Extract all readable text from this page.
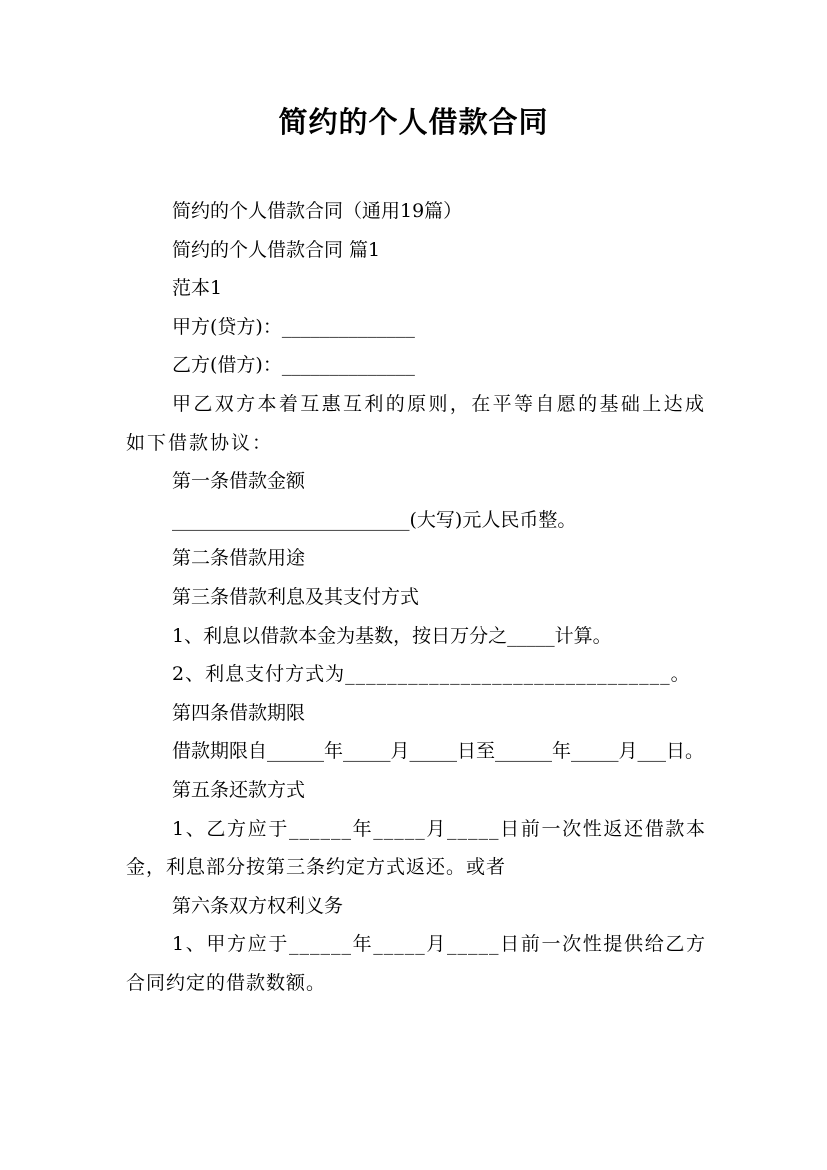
简约的个人借款合同

简约的个人借款合同（通用19篇）

简约的个人借款合同 篇1

范本1

甲方(贷方)：______________

乙方(借方)：______________

甲乙双方本着互惠互利的原则，在平等自愿的基础上达成如下借款协议：

第一条借款金额

_________________________(大写)元人民币整。

第二条借款用途

第三条借款利息及其支付方式

1、利息以借款本金为基数，按日万分之_____计算。

2、利息支付方式为_______________________________。

第四条借款期限

借款期限自______年_____月_____日至______年_____月___日。

第五条还款方式

1、乙方应于______年_____月_____日前一次性返还借款本金，利息部分按第三条约定方式返还。或者

第六条双方权利义务

1、甲方应于______年_____月_____日前一次性提供给乙方合同约定的借款数额。
